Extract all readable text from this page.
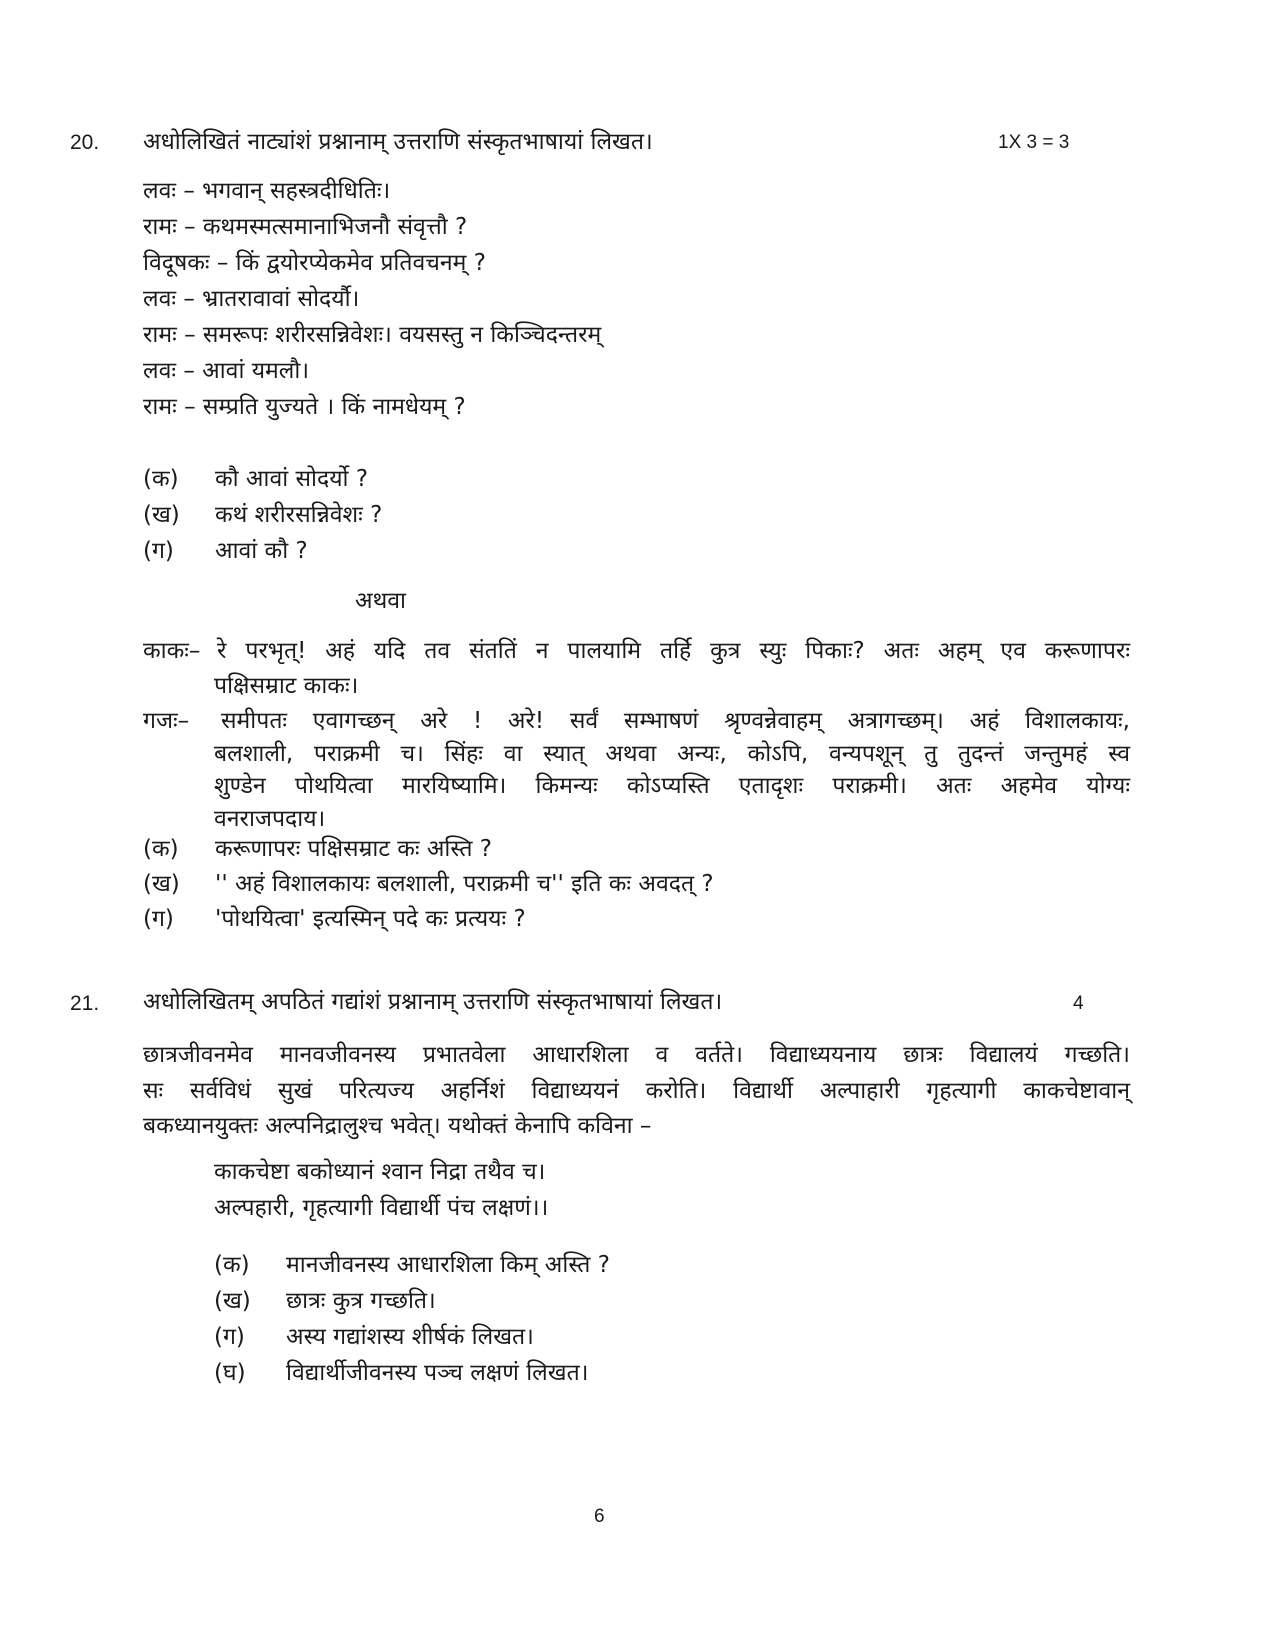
20. अधोलिखितं नाट्यांशं प्रश्नानाम् उत्तराणि संस्कृतभाषायां लिखत।	1X 3 = 3
लवः – भगवान् सहस्त्रदीधितिः।
रामः – कथमस्मत्समानाभिजनौ संवृत्तौ ?
विदूषकः – किं द्वयोरप्येकमेव प्रतिवचनम् ?
लवः – भ्रातरावावां सोदर्यौ।
रामः – समरूपः शरीरसन्निवेशः। वयसस्तु न किञ्चिदन्तरम्
लवः – आवां यमलौ।
रामः – सम्प्रति युज्यते । किं नामधेयम् ?
(क) कौ आवां सोदर्यो ?
(ख) कथं शरीरसन्निवेशः ?
(ग) आवां कौ ?
अथवा
काकः– रे परभृत्! अहं यदि तव संततिं न पालयामि तर्हि कुत्र स्युः पिकाः? अतः अहम् एव करूणापरः
पक्षिसम्राट काकः।
गजः– समीपतः एवागच्छन् अरे ! अरे! सर्वं सम्भाषणं श्रृण्वन्नेवाहम् अत्रागच्छम्। अहं विशालकायः,
बलशाली, पराक्रमी च। सिंहः वा स्यात् अथवा अन्यः, कोऽपि, वन्यपशून् तु तुदन्तं जन्तुमहं स्व
शुण्डेन पोथयित्वा मारयिष्यामि। किमन्यः कोऽप्यस्ति एतादृशः पराक्रमी। अतः अहमेव योग्यः
वनराजपदाय।
(क) करूणापरः पक्षिसम्राट कः अस्ति ?
(ख) '' अहं विशालकायः बलशाली, पराक्रमी च'' इति कः अवदत् ?
(ग) 'पोथयित्वा' इत्यस्मिन् पदे कः प्रत्ययः ?
21. अधोलिखितम् अपठितं गद्यांशं प्रश्नानाम् उत्तराणि संस्कृतभाषायां लिखत।	4
छात्रजीवनमेव मानवजीवनस्य प्रभातवेला आधारशिला व वर्तते। विद्याध्ययनाय छात्रः विद्यालयं गच्छति।
सः सर्वविधं सुखं परित्यज्य अहर्निशं विद्याध्ययनं करोति। विद्यार्थी अल्पाहारी गृहत्यागी काकचेष्टावान्
बकध्यानयुक्तः अल्पनिद्रालुश्च भवेत्। यथोक्तं केनापि कविना –
काकचेष्टा बकोध्यानं श्वान निद्रा तथैव च।
अल्पहारी, गृहत्यागी विद्यार्थी पंच लक्षणं।।
(क) मानजीवनस्य आधारशिला किम् अस्ति ?
(ख) छात्रः कुत्र गच्छति।
(ग) अस्य गद्यांशस्य शीर्षकं लिखत।
(घ) विद्यार्थीजीवनस्य पञ्च लक्षणं लिखत।
6
